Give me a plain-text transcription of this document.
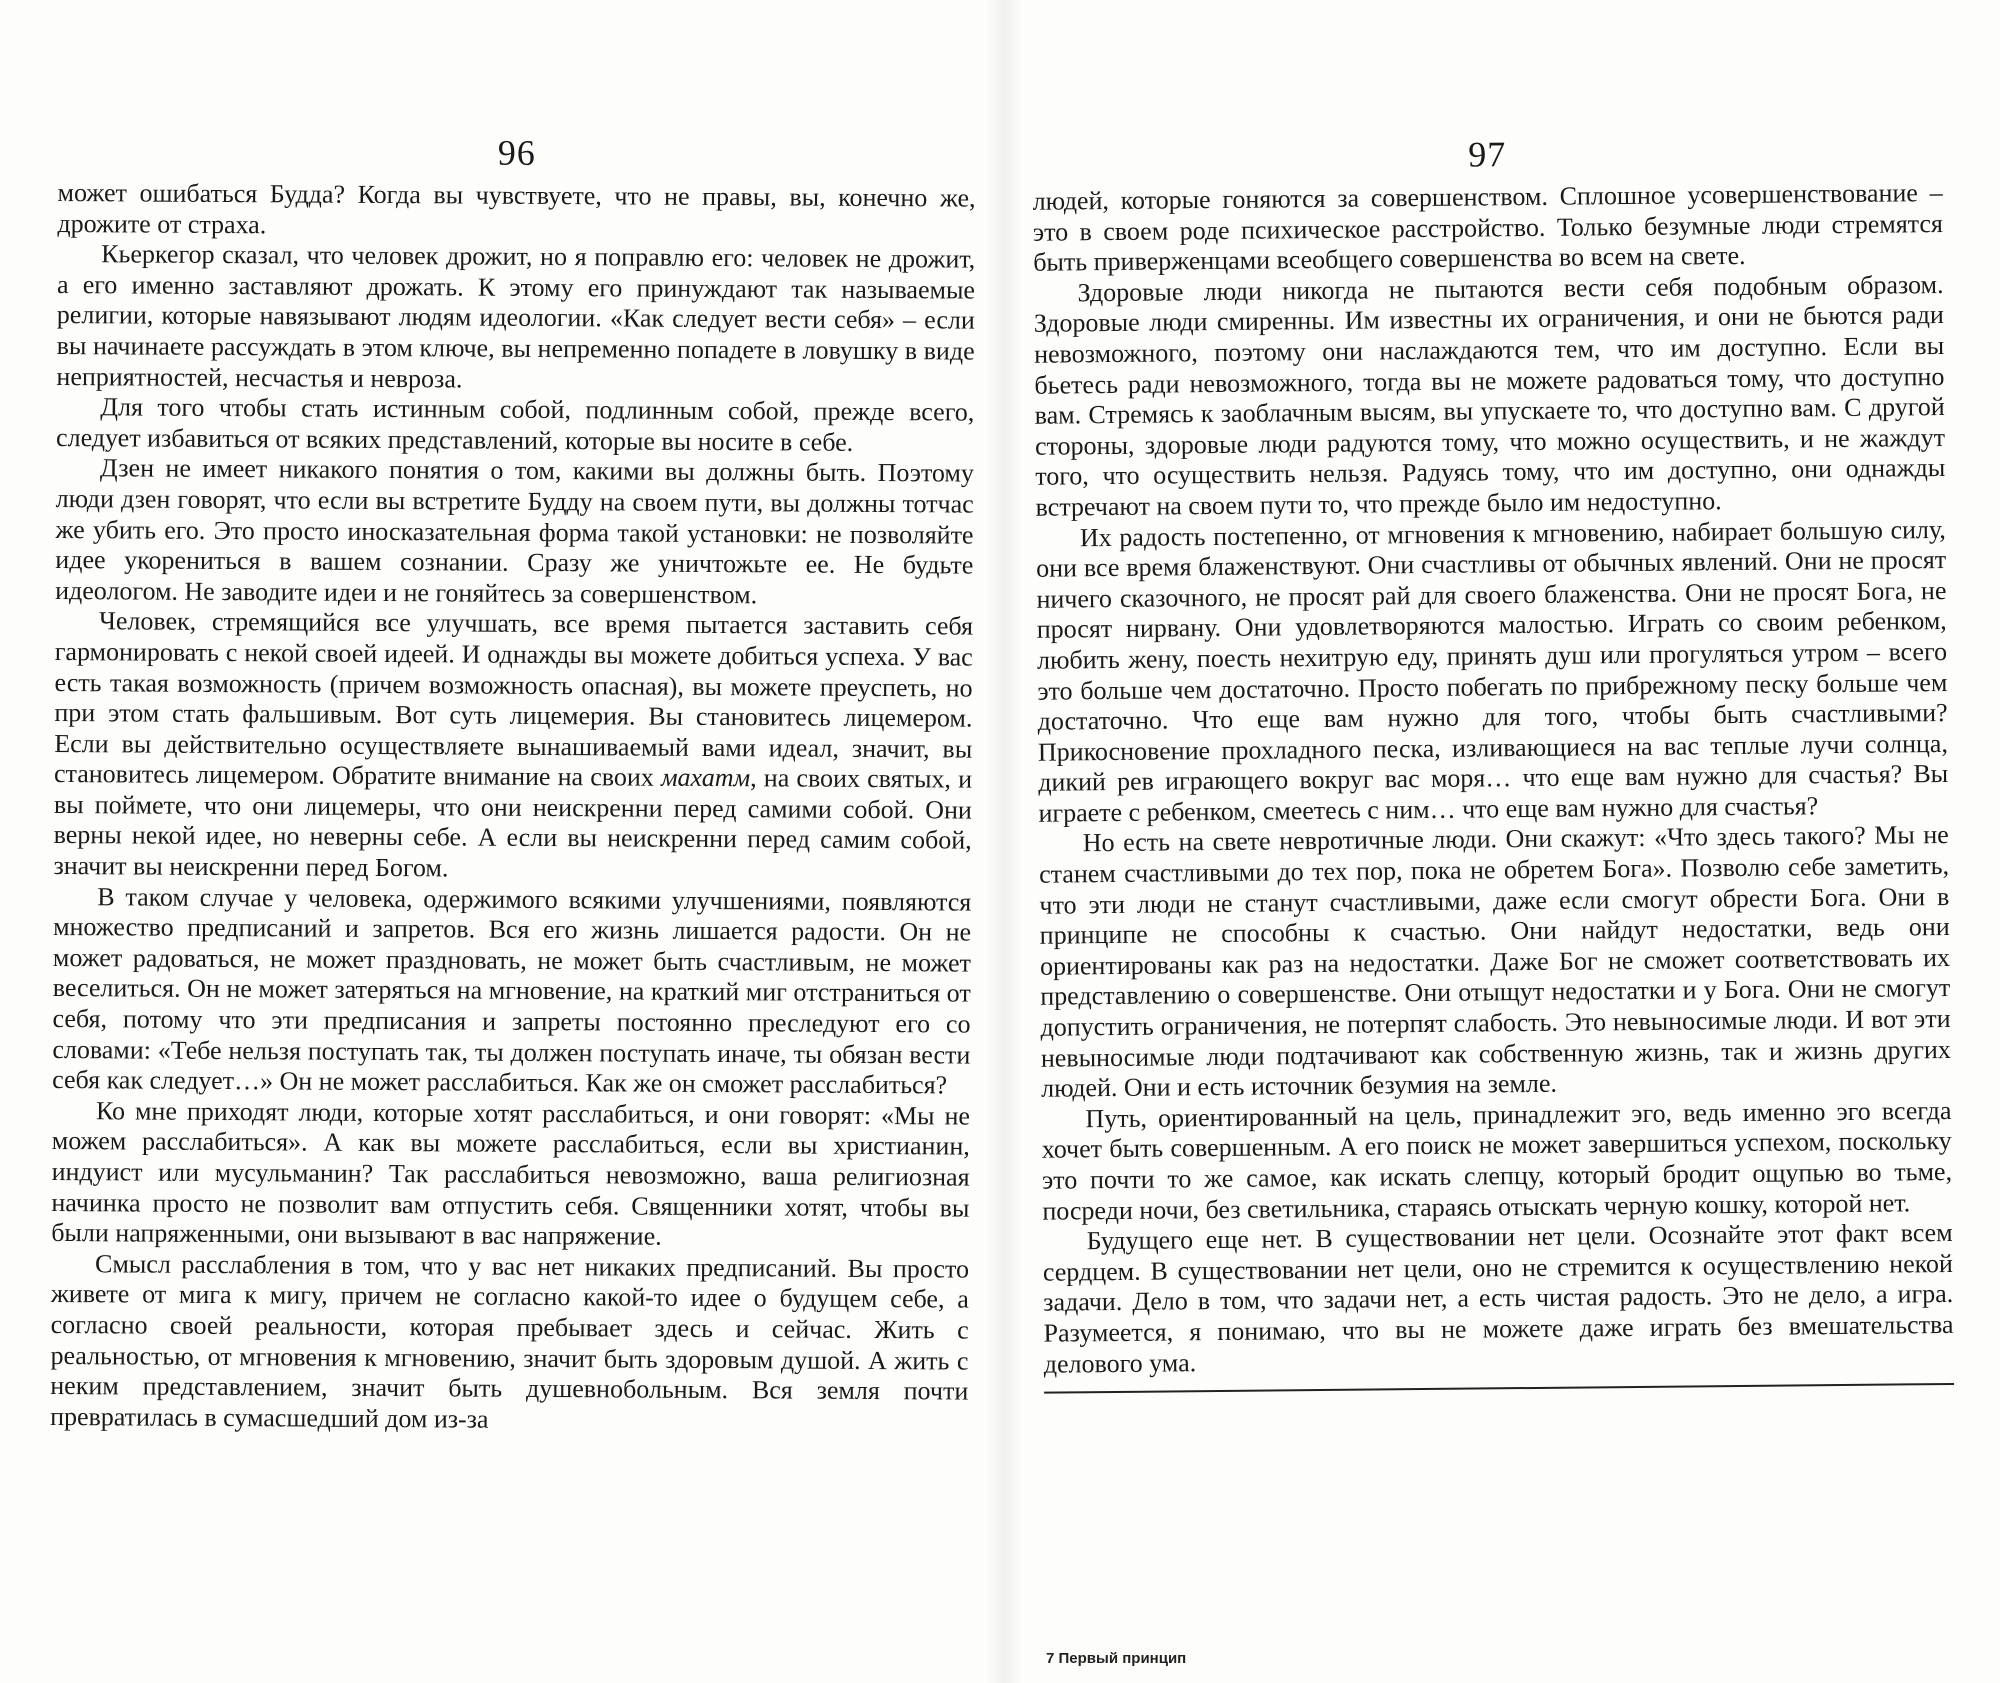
96

может ошибаться Будда? Когда вы чувствуете, что не правы, вы, конечно же, дрожите от страха.

Кьеркегор сказал, что человек дрожит, но я поправлю его: человек не дрожит, а его именно заставляют дрожать. К этому его принуждают так называемые религии, которые навязывают людям идеологии. «Как следует вести себя» – если вы начинаете рассуждать в этом ключе, вы непременно попадете в ловушку в виде неприятностей, несчастья и невроза.

Для того чтобы стать истинным собой, подлинным собой, прежде всего, следует избавиться от всяких представлений, которые вы носите в себе.

Дзен не имеет никакого понятия о том, какими вы должны быть. Поэтому люди дзен говорят, что если вы встретите Будду на своем пути, вы должны тотчас же убить его. Это просто иносказательная форма такой установки: не позволяйте идее укорениться в вашем сознании. Сразу же уничтожьте ее. Не будьте идеологом. Не заводите идеи и не гоняйтесь за совершенством.

Человек, стремящийся все улучшать, все время пытается заставить себя гармонировать с некой своей идеей. И однажды вы можете добиться успеха. У вас есть такая возможность (причем возможность опасная), вы можете преуспеть, но при этом стать фальшивым. Вот суть лицемерия. Вы становитесь лицемером. Если вы действительно осуществляете вынашиваемый вами идеал, значит, вы становитесь лицемером. Обратите внимание на своих махатм, на своих святых, и вы поймете, что они лицемеры, что они неискренни перед самими собой. Они верны некой идее, но неверны себе. А если вы неискренни перед самим собой, значит вы неискренни перед Богом.

В таком случае у человека, одержимого всякими улучшениями, появляются множество предписаний и запретов. Вся его жизнь лишается радости. Он не может радоваться, не может праздновать, не может быть счастливым, не может веселиться. Он не может затеряться на мгновение, на краткий миг отстраниться от себя, потому что эти предписания и запреты постоянно преследуют его со словами: «Тебе нельзя поступать так, ты должен поступать иначе, ты обязан вести себя как следует…» Он не может расслабиться. Как же он сможет расслабиться?

Ко мне приходят люди, которые хотят расслабиться, и они говорят: «Мы не можем расслабиться». А как вы можете расслабиться, если вы христианин, индуист или мусульманин? Так расслабиться невозможно, ваша религиозная начинка просто не позволит вам отпустить себя. Священники хотят, чтобы вы были напряженными, они вызывают в вас напряжение.

Смысл расслабления в том, что у вас нет никаких предписаний. Вы просто живете от мига к мигу, причем не согласно какой-то идее о будущем себе, а согласно своей реальности, которая пребывает здесь и сейчас. Жить с реальностью, от мгновения к мгновению, значит быть здоровым душой. А жить с неким представлением, значит быть душевнобольным. Вся земля почти превратилась в сумасшедший дом из-за

97

людей, которые гоняются за совершенством. Сплошное усовершенствование – это в своем роде психическое расстройство. Только безумные люди стремятся быть приверженцами всеобщего совершенства во всем на свете.

Здоровые люди никогда не пытаются вести себя подобным образом. Здоровые люди смиренны. Им известны их ограничения, и они не бьются ради невозможного, поэтому они наслаждаются тем, что им доступно. Если вы бьетесь ради невозможного, тогда вы не можете радоваться тому, что доступно вам. Стремясь к заоблачным высям, вы упускаете то, что доступно вам. С другой стороны, здоровые люди радуются тому, что можно осуществить, и не жаждут того, что осуществить нельзя. Радуясь тому, что им доступно, они однажды встречают на своем пути то, что прежде было им недоступно.

Их радость постепенно, от мгновения к мгновению, набирает большую силу, они все время блаженствуют. Они счастливы от обычных явлений. Они не просят ничего сказочного, не просят рай для своего блаженства. Они не просят Бога, не просят нирвану. Они удовлетворяются малостью. Играть со своим ребенком, любить жену, поесть нехитрую еду, принять душ или прогуляться утром – всего это больше чем достаточно. Просто побегать по прибрежному песку больше чем достаточно. Что еще вам нужно для того, чтобы быть счастливыми? Прикосновение прохладного песка, изливающиеся на вас теплые лучи солнца, дикий рев играющего вокруг вас моря… что еще вам нужно для счастья? Вы играете с ребенком, смеетесь с ним… что еще вам нужно для счастья?

Но есть на свете невротичные люди. Они скажут: «Что здесь такого? Мы не станем счастливыми до тех пор, пока не обретем Бога». Позволю себе заметить, что эти люди не станут счастливыми, даже если смогут обрести Бога. Они в принципе не способны к счастью. Они найдут недостатки, ведь они ориентированы как раз на недостатки. Даже Бог не сможет соответствовать их представлению о совершенстве. Они отыщут недостатки и у Бога. Они не смогут допустить ограничения, не потерпят слабость. Это невыносимые люди. И вот эти невыносимые люди подтачивают как собственную жизнь, так и жизнь других людей. Они и есть источник безумия на земле.

Путь, ориентированный на цель, принадлежит эго, ведь именно эго всегда хочет быть совершенным. А его поиск не может завершиться успехом, поскольку это почти то же самое, как искать слепцу, который бродит ощупью во тьме, посреди ночи, без светильника, стараясь отыскать черную кошку, которой нет.

Будущего еще нет. В существовании нет цели. Осознайте этот факт всем сердцем. В существовании нет цели, оно не стремится к осуществлению некой задачи. Дело в том, что задачи нет, а есть чистая радость. Это не дело, а игра. Разумеется, я понимаю, что вы не можете даже играть без вмешательства делового ума.

7 Первый принцип
